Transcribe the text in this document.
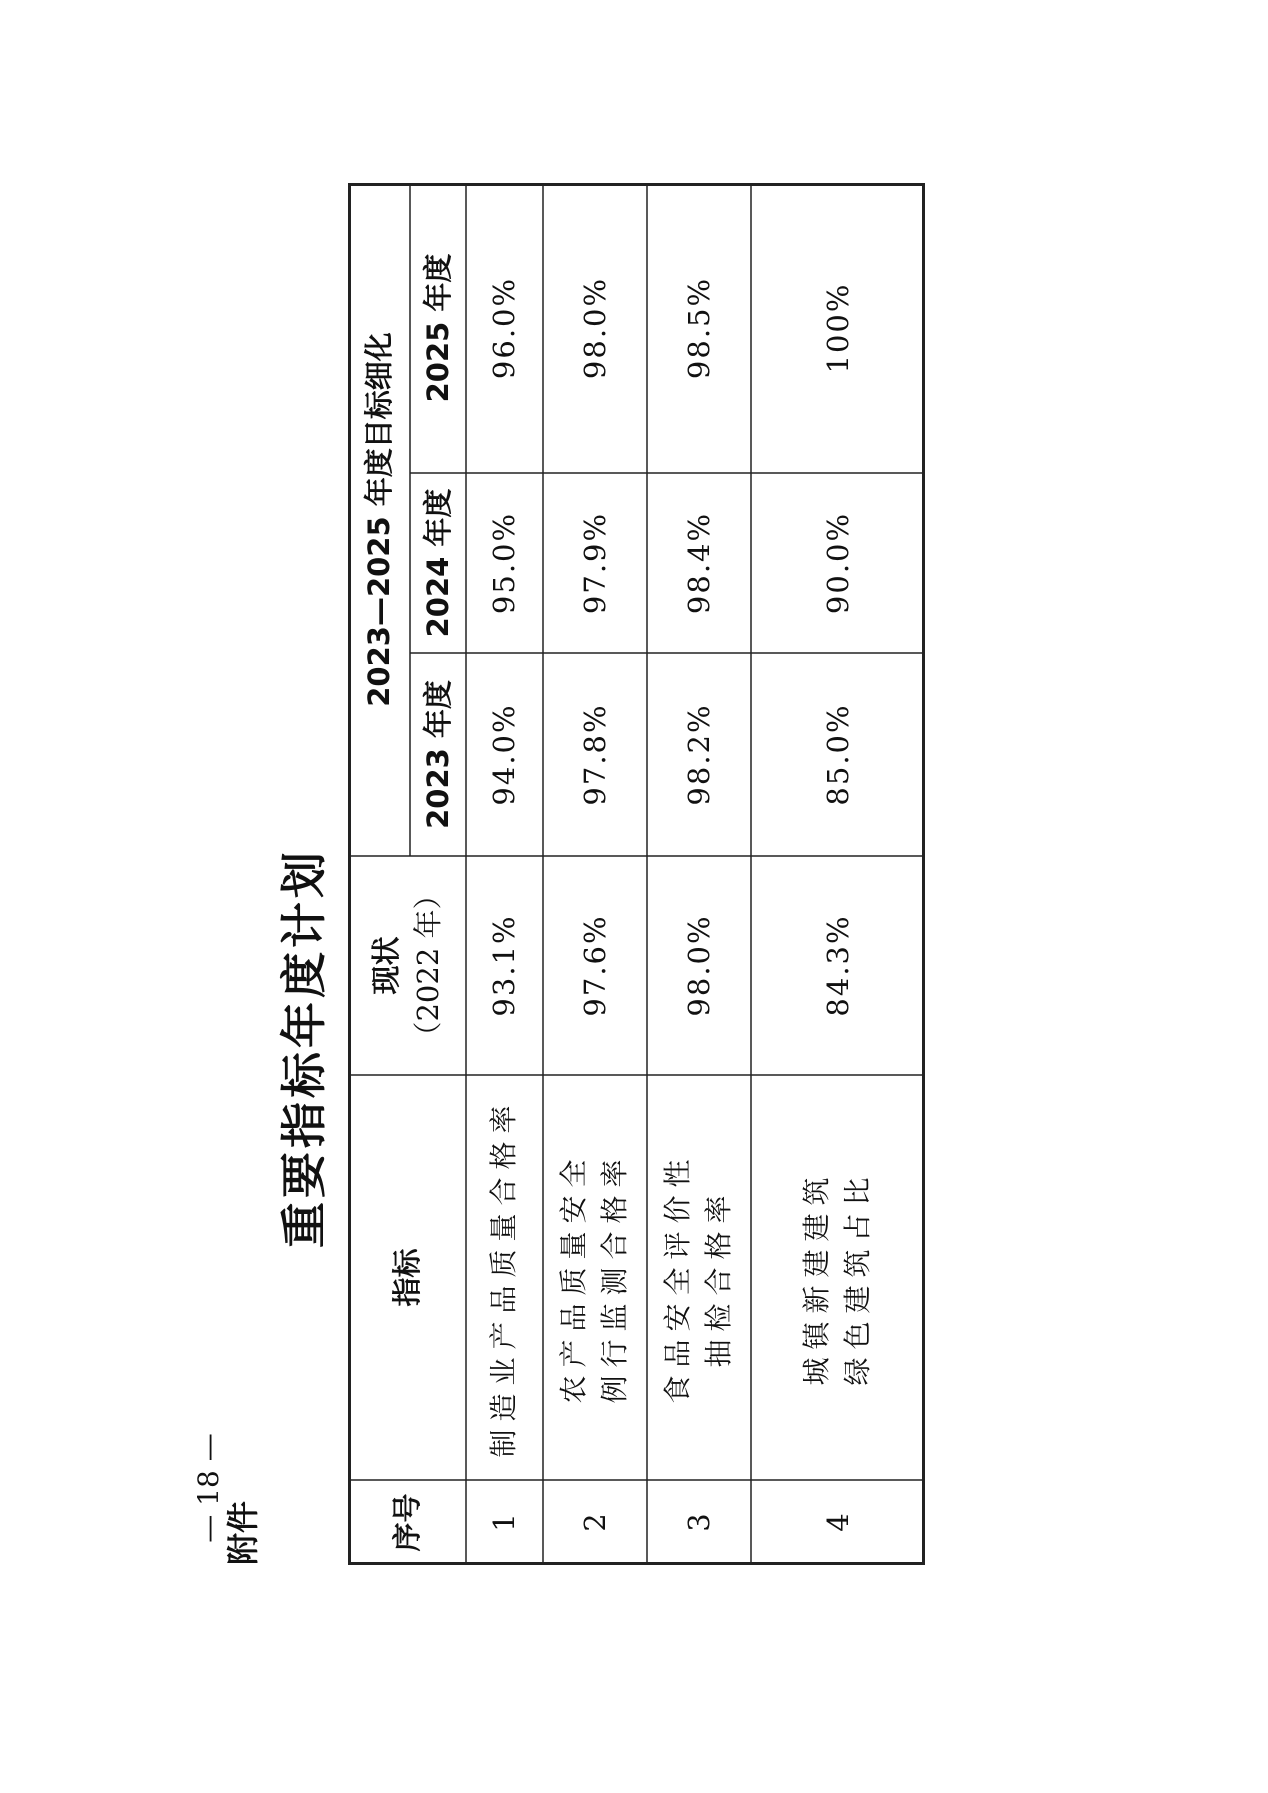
— 18 — 附件
重要指标年度计划
序号
指标
现状 （2022 年）
2023—2025 年度目标细化
2023 年度
2024 年度
2025 年度
1
制造业产品质量合格率
93.1%
94.0%
95.0%
96.0%
2
农产品质量安全 例行监测合格率
97.6%
97.8%
97.9%
98.0%
3
食品安全评价性 抽检合格率
98.0%
98.2%
98.4%
98.5%
4
城镇新建建筑 绿色建筑占比
84.3%
85.0%
90.0%
100%
